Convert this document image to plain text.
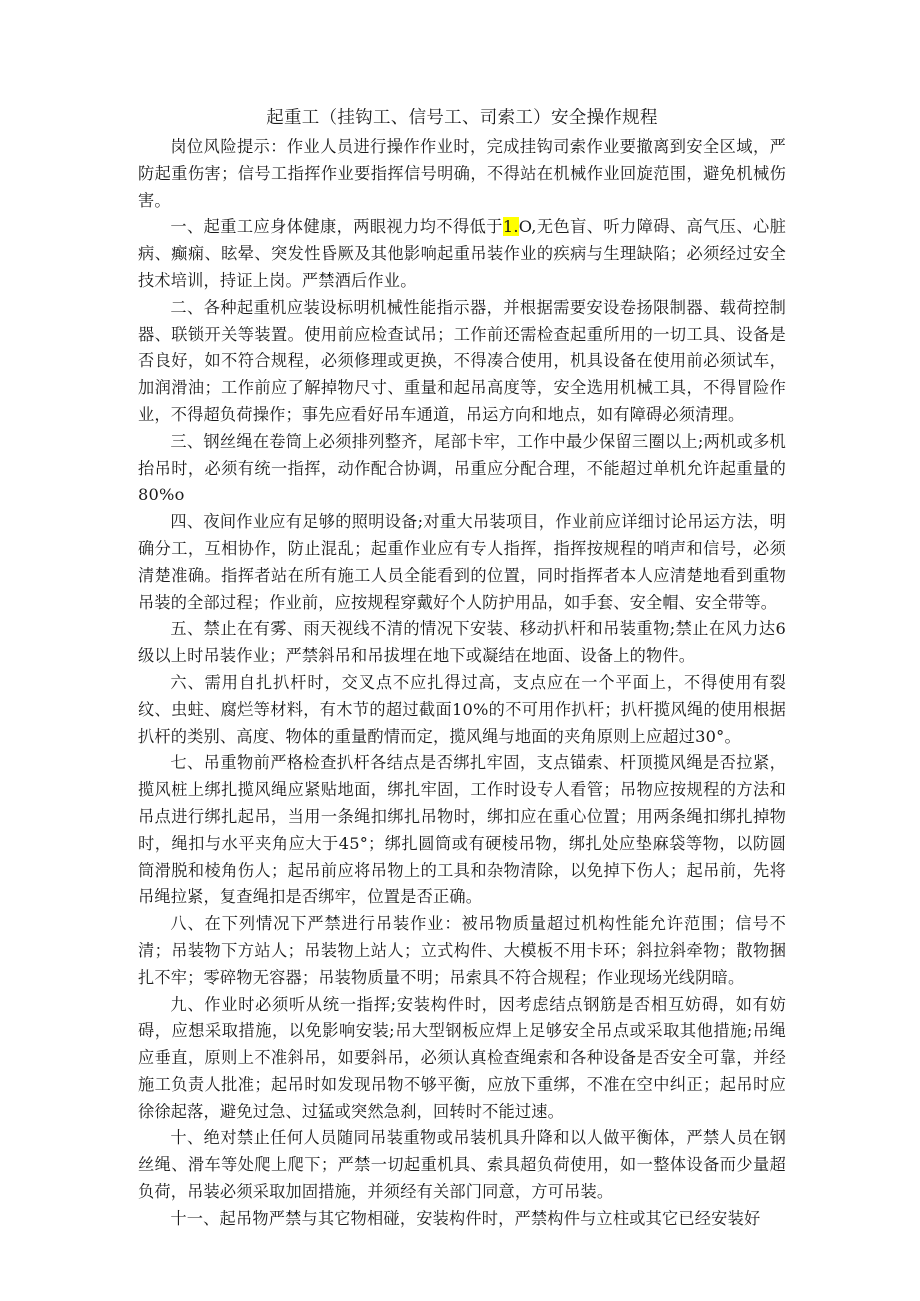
起重工（挂钩工、信号工、司索工）安全操作规程

岗位风险提示：作业人员进行操作作业时，完成挂钩司索作业要撤离到安全区域，严防起重伤害；信号工指挥作业要指挥信号明确，不得站在机械作业回旋范围，避免机械伤害。

一、起重工应身体健康，两眼视力均不得低于1.O,无色盲、听力障碍、高气压、心脏病、癫痫、眩晕、突发性昏厥及其他影响起重吊装作业的疾病与生理缺陷；必须经过安全技术培训，持证上岗。严禁酒后作业。

二、各种起重机应装设标明机械性能指示器，并根据需要安设卷扬限制器、载荷控制器、联锁开关等装置。使用前应检查试吊；工作前还需检查起重所用的一切工具、设备是否良好，如不符合规程，必须修理或更换，不得凑合使用，机具设备在使用前必须试车，加润滑油；工作前应了解掉物尺寸、重量和起吊高度等，安全选用机械工具，不得冒险作业，不得超负荷操作；事先应看好吊车通道，吊运方向和地点，如有障碍必须清理。

三、钢丝绳在卷筒上必须排列整齐，尾部卡牢，工作中最少保留三圈以上;两机或多机抬吊时，必须有统一指挥，动作配合协调，吊重应分配合理，不能超过单机允许起重量的80%o

四、夜间作业应有足够的照明设备;对重大吊装项目，作业前应详细讨论吊运方法，明确分工，互相协作，防止混乱；起重作业应有专人指挥，指挥按规程的哨声和信号，必须清楚准确。指挥者站在所有施工人员全能看到的位置，同时指挥者本人应清楚地看到重物吊装的全部过程；作业前，应按规程穿戴好个人防护用品，如手套、安全帽、安全带等。

五、禁止在有雾、雨天视线不清的情况下安装、移动扒杆和吊装重物;禁止在风力达6级以上时吊装作业；严禁斜吊和吊拔埋在地下或凝结在地面、设备上的物件。

六、需用自扎扒杆时，交叉点不应扎得过高，支点应在一个平面上，不得使用有裂纹、虫蛀、腐烂等材料，有木节的超过截面10%的不可用作扒杆；扒杆揽风绳的使用根据扒杆的类别、高度、物体的重量酌情而定，揽风绳与地面的夹角原则上应超过30°。

七、吊重物前严格检查扒杆各结点是否绑扎牢固，支点锚索、杆顶揽风绳是否拉紧，揽风桩上绑扎揽风绳应紧贴地面，绑扎牢固，工作时设专人看管；吊物应按规程的方法和吊点进行绑扎起吊，当用一条绳扣绑扎吊物时，绑扣应在重心位置；用两条绳扣绑扎掉物时，绳扣与水平夹角应大于45°；绑扎圆筒或有硬棱吊物，绑扎处应垫麻袋等物，以防圆筒滑脱和棱角伤人；起吊前应将吊物上的工具和杂物清除，以免掉下伤人；起吊前，先将吊绳拉紧，复查绳扣是否绑牢，位置是否正确。

八、在下列情况下严禁进行吊装作业：被吊物质量超过机构性能允许范围；信号不清；吊装物下方站人；吊装物上站人；立式构件、大模板不用卡环；斜拉斜牵物；散物捆扎不牢；零碎物无容器；吊装物质量不明；吊索具不符合规程；作业现场光线阴暗。

九、作业时必须听从统一指挥;安装构件时，因考虑结点钢筋是否相互妨碍，如有妨碍，应想采取措施，以免影响安装;吊大型钢板应焊上足够安全吊点或采取其他措施;吊绳应垂直，原则上不准斜吊，如要斜吊，必须认真检查绳索和各种设备是否安全可靠，并经施工负责人批准；起吊时如发现吊物不够平衡，应放下重绑，不准在空中纠正；起吊时应徐徐起落，避免过急、过猛或突然急刹，回转时不能过速。

十、绝对禁止任何人员随同吊装重物或吊装机具升降和以人做平衡体，严禁人员在钢丝绳、滑车等处爬上爬下；严禁一切起重机具、索具超负荷使用，如一整体设备而少量超负荷，吊装必须采取加固措施，并须经有关部门同意，方可吊装。

十一、起吊物严禁与其它物相碰，安装构件时，严禁构件与立柱或其它已经安装好
